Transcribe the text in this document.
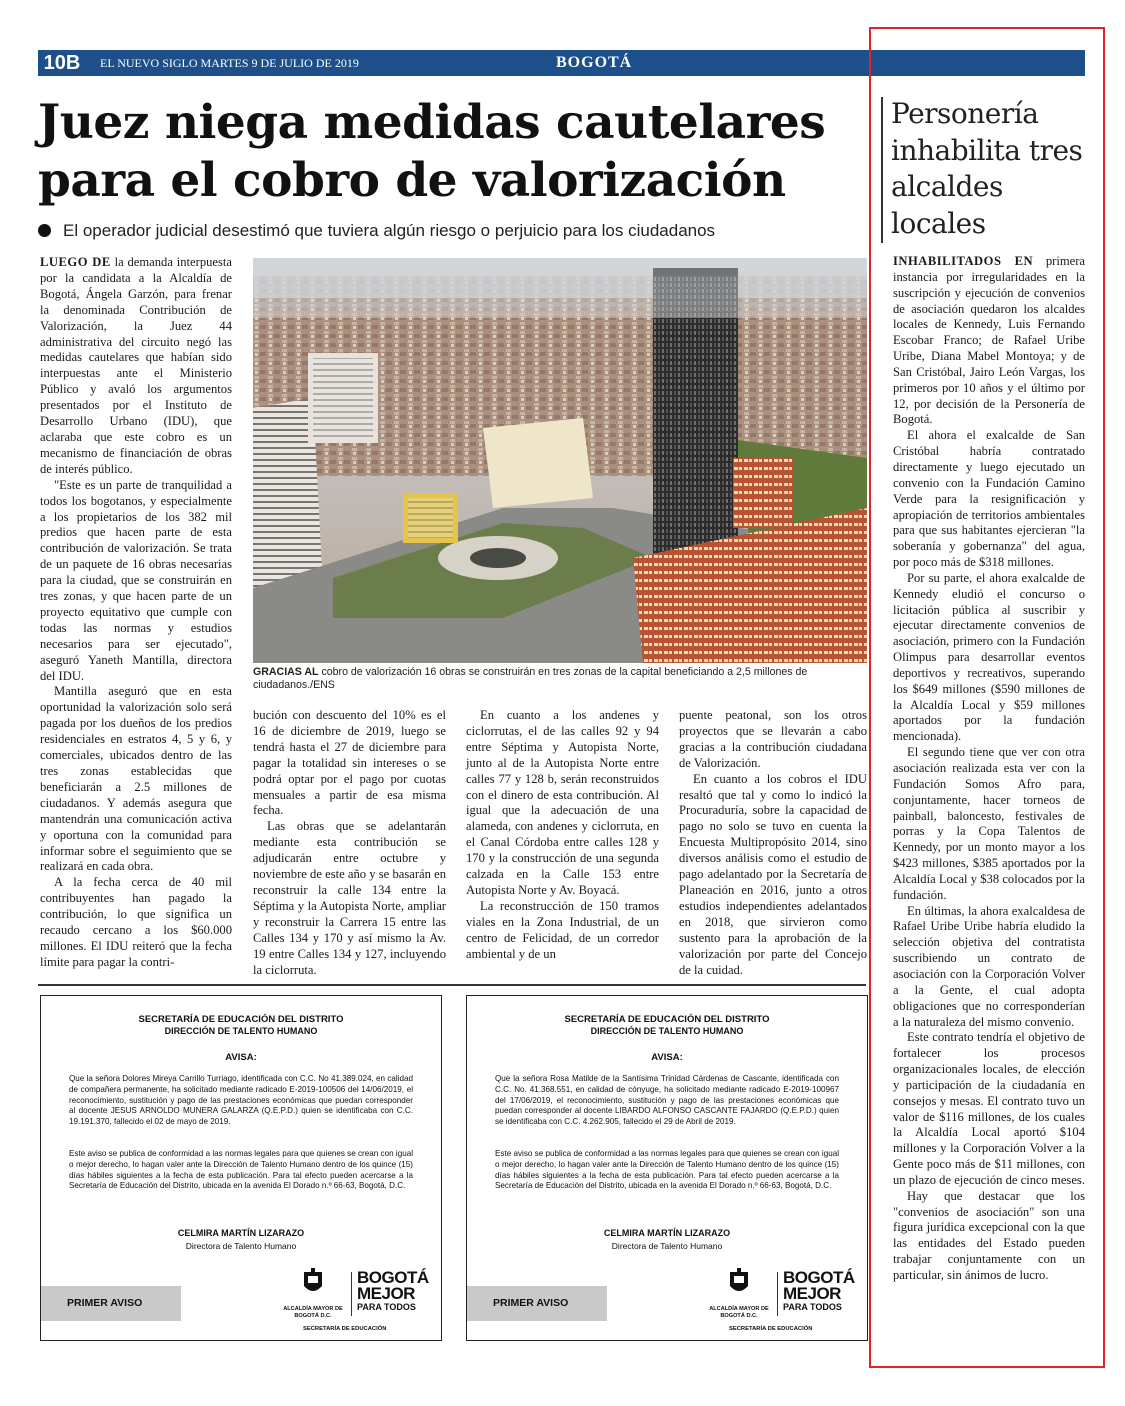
10B	EL NUEVO SIGLO MARTES 9 DE JULIO DE 2019	BOGOTÁ
Juez niega medidas cautelares para el cobro de valorización
El operador judicial desestimó que tuviera algún riesgo o perjuicio para los ciudadanos

LUEGO DE la demanda interpuesta por la candidata a la Alcaldía de Bogotá, Ángela Garzón, para frenar la denominada Contribución de Valorización, la Juez 44 administrativa del circuito negó las medidas cautelares que habían sido interpuestas ante el Ministerio Público y avaló los argumentos presentados por el Instituto de Desarrollo Urbano (IDU), que aclaraba que este cobro es un mecanismo de financiación de obras de interés público.

"Este es un parte de tranquilidad a todos los bogotanos, y especialmente a los propietarios de los 382 mil predios que hacen parte de esta contribución de valorización. Se trata de un paquete de 16 obras necesarias para la ciudad, que se construirán en tres zonas, y que hacen parte de un proyecto equitativo que cumple con todas las normas y estudios necesarios para ser ejecutado", aseguró Yaneth Mantilla, directora del IDU.

Mantilla aseguró que en esta oportunidad la valorización solo será pagada por los dueños de los predios residenciales en estratos 4, 5 y 6, y comerciales, ubicados dentro de las tres zonas establecidas que beneficiarán a 2.5 millones de ciudadanos. Y además asegura que mantendrán una comunicación activa y oportuna con la comunidad para informar sobre el seguimiento que se realizará en cada obra.

A la fecha cerca de 40 mil contribuyentes han pagado la contribución, lo que significa un recaudo cercano a los $60.000 millones. El IDU reiteró que la fecha límite para pagar la contri-

GRACIAS AL cobro de valorización 16 obras se construirán en tres zonas de la capital beneficiando a 2,5 millones de ciudadanos./ENS

bución con descuento del 10% es el 16 de diciembre de 2019, luego se tendrá hasta el 27 de diciembre para pagar la totalidad sin intereses o se podrá optar por el pago por cuotas mensuales a partir de esa misma fecha.

Las obras que se adelantarán mediante esta contribución se adjudicarán entre octubre y noviembre de este año y se basarán en reconstruir la calle 134 entre la Séptima y la Autopista Norte, ampliar y reconstruir la Carrera 15 entre las Calles 134 y 170 y así mismo la Av. 19 entre Calles 134 y 127, incluyendo la ciclorruta.

En cuanto a los andenes y ciclorrutas, el de las calles 92 y 94 entre Séptima y Autopista Norte, junto al de la Autopista Norte entre calles 77 y 128 b, serán reconstruidos con el dinero de esta contribución. Al igual que la adecuación de una alameda, con andenes y ciclorruta, en el Canal Córdoba entre calles 128 y 170 y la construcción de una segunda calzada en la Calle 153 entre Autopista Norte y Av. Boyacá.

La reconstrucción de 150 tramos viales en la Zona Industrial, de un centro de Felicidad, de un corredor ambiental y de un

puente peatonal, son los otros proyectos que se llevarán a cabo gracias a la contribución ciudadana de Valorización.

En cuanto a los cobros el IDU resaltó que tal y como lo indicó la Procuraduría, sobre la capacidad de pago no solo se tuvo en cuenta la Encuesta Multipropósito 2014, sino diversos análisis como el estudio de pago adelantado por la Secretaría de Planeación en 2016, junto a otros estudios independientes adelantados en 2018, que sirvieron como sustento para la aprobación de la valorización por parte del Concejo de la cuidad.

SECRETARÍA DE EDUCACIÓN DEL DISTRITO
DIRECCIÓN DE TALENTO HUMANO
AVISA:
Que la señora Dolores Mireya Carrillo Turriago, identificada con C.C. No 41.389.024, en calidad de compañera permanente, ha solicitado mediante radicado E-2019-100506 del 14/06/2019, el reconocimiento, sustitución y pago de las prestaciones económicas que puedan corresponder al docente JESUS ARNOLDO MUNERA GALARZA (Q.E.P.D.) quien se identificaba con C.C. 19.191.370, fallecido el 02 de mayo de 2019.
Este aviso se publica de conformidad a las normas legales para que quienes se crean con igual o mejor derecho, lo hagan valer ante la Dirección de Talento Humano dentro de los quince (15) días hábiles siguientes a la fecha de esta publicación. Para tal efecto pueden acercarse a la Secretaría de Educación del Distrito, ubicada en la avenida El Dorado n.º 66-63, Bogotá, D.C.
CELMIRA MARTÍN LIZARAZO
Directora de Talento Humano
PRIMER AVISO	ALCALDÍA MAYOR DE BOGOTÁ D.C.
BOGOTÁ
MEJOR
PARA TODOS
SECRETARÍA DE EDUCACIÓN
SECRETARÍA DE EDUCACIÓN DEL DISTRITO
DIRECCIÓN DE TALENTO HUMANO
AVISA:
Que la señora Rosa Matilde de la Santísima Trinidad Cárdenas de Cascante, identificada con C.C. No. 41.368.551, en calidad de cónyuge, ha solicitado mediante radicado E-2019-100967 del 17/06/2019, el reconocimiento, sustitución y pago de las prestaciones económicas que puedan corresponder al docente LIBARDO ALFONSO CASCANTE FAJARDO (Q.E.P.D.) quien se identificaba con C.C. 4.262.905, fallecido el 29 de Abril de 2019.
Este aviso se publica de conformidad a las normas legales para que quienes se crean con igual o mejor derecho, lo hagan valer ante la Dirección de Talento Humano dentro de los quince (15) días hábiles siguientes a la fecha de esta publicación. Para tal efecto pueden acercarse a la Secretaría de Educación del Distrito, ubicada en la avenida El Dorado n.º 66-63, Bogotá, D.C.
CELMIRA MARTÍN LIZARAZO
Directora de Talento Humano
PRIMER AVISO	ALCALDÍA MAYOR DE BOGOTÁ D.C.
BOGOTÁ
MEJOR
PARA TODOS
SECRETARÍA DE EDUCACIÓN
Personería inhabilita tres alcaldes locales

INHABILITADOS EN primera instancia por irregularidades en la suscripción y ejecución de convenios de asociación quedaron los alcaldes locales de Kennedy, Luis Fernando Escobar Franco; de Rafael Uribe Uribe, Diana Mabel Montoya; y de San Cristóbal, Jairo León Vargas, los primeros por 10 años y el último por 12, por decisión de la Personería de Bogotá.

El ahora el exalcalde de San Cristóbal habría contratado directamente y luego ejecutado un convenio con la Fundación Camino Verde para la resignificación y apropiación de territorios ambientales para que sus habitantes ejercieran "la soberanía y gobernanza" del agua, por poco más de $318 millones.

Por su parte, el ahora exalcalde de Kennedy eludió el concurso o licitación pública al suscribir y ejecutar directamente convenios de asociación, primero con la Fundación Olimpus para desarrollar eventos deportivos y recreativos, superando los $649 millones ($590 millones de la Alcaldía Local y $59 millones aportados por la fundación mencionada).

El segundo tiene que ver con otra asociación realizada esta ver con la Fundación Somos Afro para, conjuntamente, hacer torneos de painball, baloncesto, festivales de porras y la Copa Talentos de Kennedy, por un monto mayor a los $423 millones, $385 aportados por la Alcaldía Local y $38 colocados por la fundación.

En últimas, la ahora exalcaldesa de Rafael Uribe Uribe habría eludido la selección objetiva del contratista suscribiendo un contrato de asociación con la Corporación Volver a la Gente, el cual adopta obligaciones que no corresponderían a la naturaleza del mismo convenio.

Este contrato tendría el objetivo de fortalecer los procesos organizacionales locales, de elección y participación de la ciudadanía en consejos y mesas. El contrato tuvo un valor de $116 millones, de los cuales la Alcaldía Local aportó $104 millones y la Corporación Volver a la Gente poco más de $11 millones, con un plazo de ejecución de cinco meses.

Hay que destacar que los "convenios de asociación" son una figura jurídica excepcional con la que las entidades del Estado pueden trabajar conjuntamente con un particular, sin ánimos de lucro.
